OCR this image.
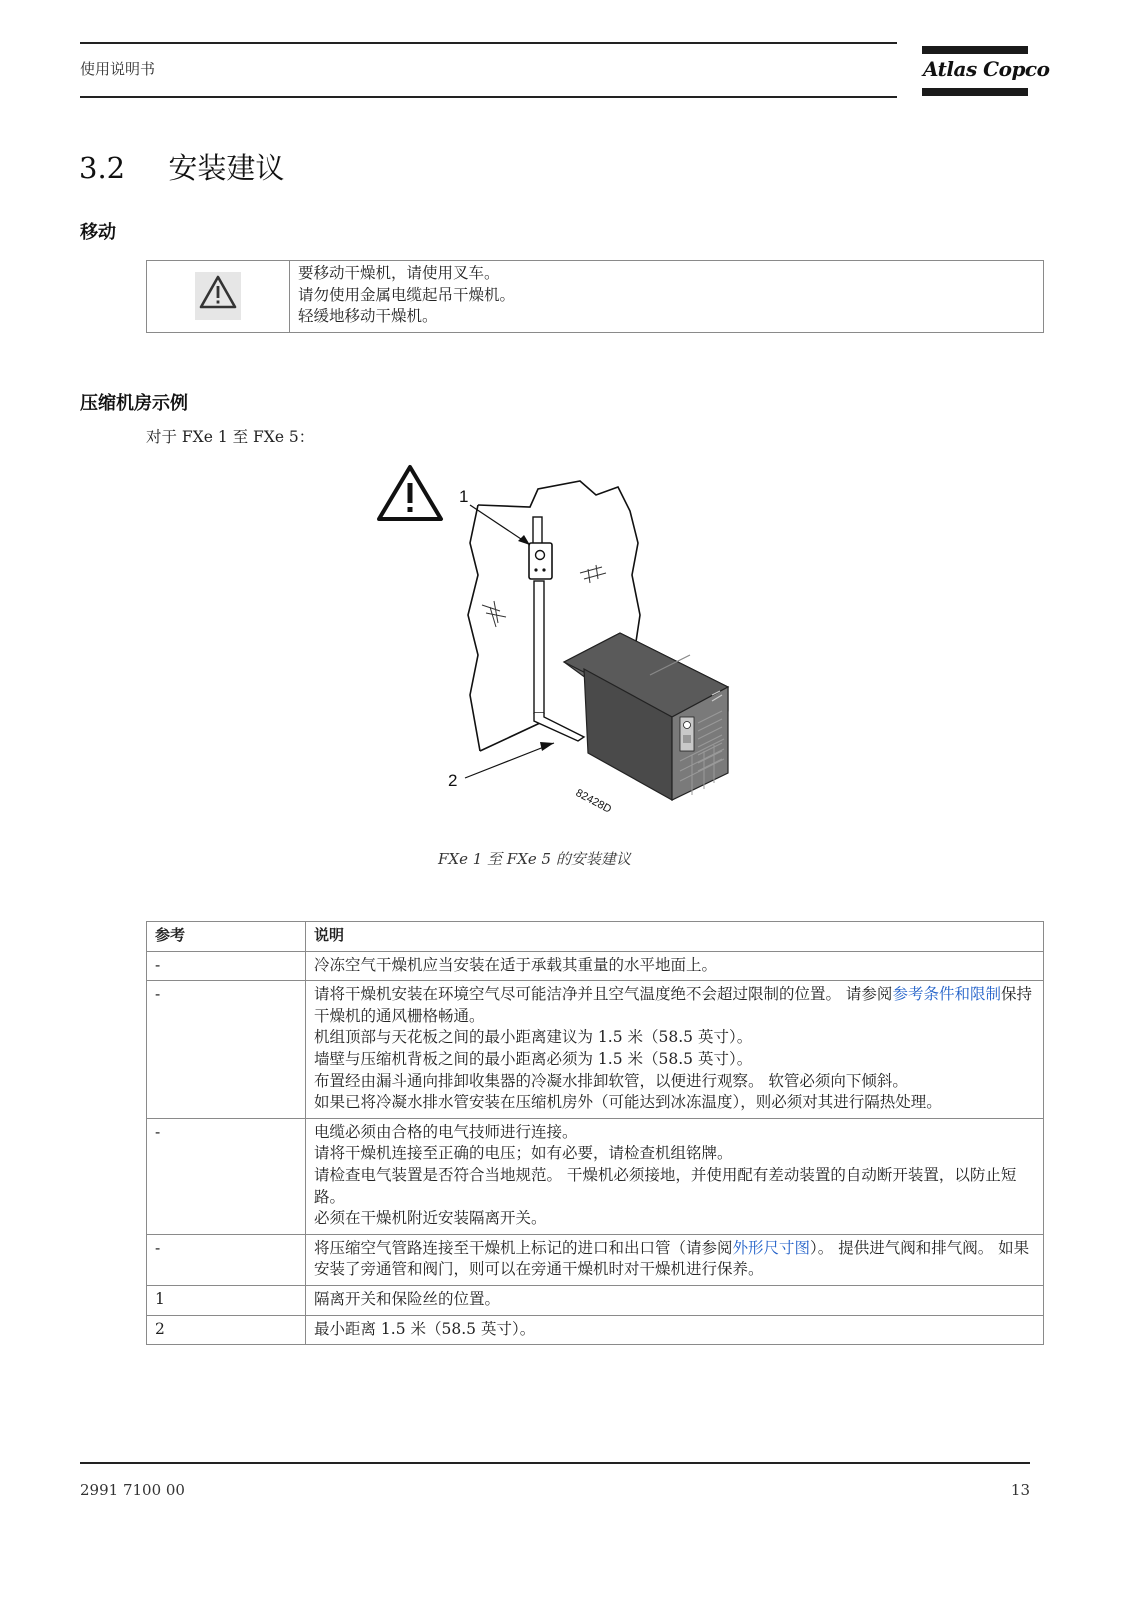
使用说明书	Atlas Copco
3.2 安装建议
移动

要移动干燥机，请使用叉车。
请勿使用金属电缆起吊干燥机。
轻缓地移动干燥机。
压缩机房示例
对于 FXe 1 至 FXe 5：
1
2
82428D
FXe 1 至 FXe 5 的安装建议
参考	说明
-	冷冻空气干燥机应当安装在适于承载其重量的水平地面上。

-	请将干燥机安装在环境空气尽可能洁净并且空气温度绝不会超过限制的位置。 请参阅参考条件和限制保持干燥机的通风栅格畅通。
机组顶部与天花板之间的最小距离建议为 1.5 米（58.5 英寸）。
墙壁与压缩机背板之间的最小距离必须为 1.5 米（58.5 英寸）。
布置经由漏斗通向排卸收集器的冷凝水排卸软管，以便进行观察。 软管必须向下倾斜。
如果已将冷凝水排水管安装在压缩机房外（可能达到冰冻温度），则必须对其进行隔热处理。

-	电缆必须由合格的电气技师进行连接。
请将干燥机连接至正确的电压；如有必要，请检查机组铭牌。
请检查电气装置是否符合当地规范。 干燥机必须接地，并使用配有差动装置的自动断开装置，以防止短路。
必须在干燥机附近安装隔离开关。

-	将压缩空气管路连接至干燥机上标记的进口和出口管（请参阅外形尺寸图）。 提供进气阀和排气阀。 如果安装了旁通管和阀门，则可以在旁通干燥机时对干燥机进行保养。

1	隔离开关和保险丝的位置。

2	最小距离 1.5 米（58.5 英寸）。
2991 7100 00	13
